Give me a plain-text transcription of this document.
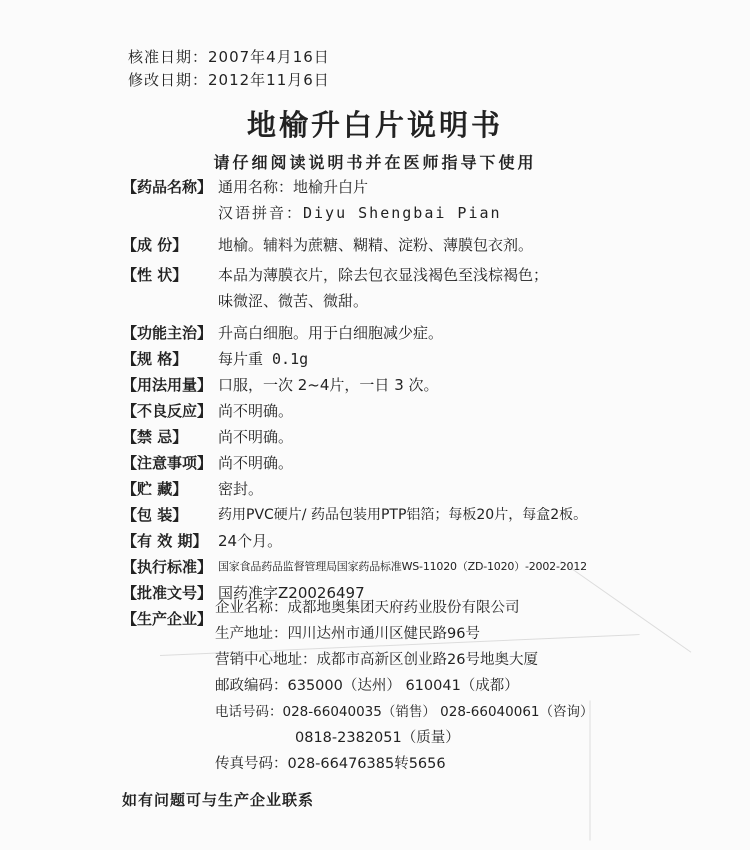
核准日期：2007年4月16日
修改日期：2012年11月6日
地榆升白片说明书
请仔细阅读说明书并在医师指导下使用
【药品名称】 通用名称：地榆升白片
汉语拼音：Diyu Shengbai Pian
【成 份】	地榆。辅料为蔗糖、糊精、淀粉、薄膜包衣剂。
【性 状】	本品为薄膜衣片，除去包衣显浅褐色至浅棕褐色；
味微涩、微苦、微甜。
【功能主治】 升高白细胞。用于白细胞减少症。
【规 格】	每片重 0.1g
【用法用量】 口服，一次 2~4片，一日 3 次。
【不良反应】 尚不明确。
【禁 忌】	尚不明确。
【注意事项】 尚不明确。
【贮 藏】	密封。
【包 装】	药用PVC硬片/ 药品包装用PTP铝箔；每板20片，每盒2板。
【有 效 期】 24个月。
【执行标准】 国家食品药品监督管理局国家药品标准WS-11020（ZD-1020）-2002-2012
【批准文号】 国药准字Z20026497
【生产企业】
企业名称：成都地奥集团天府药业股份有限公司
生产地址：四川达州市通川区健民路96号
营销中心地址：成都市高新区创业路26号地奥大厦
邮政编码：635000（达州） 610041（成都）
电话号码：028-66040035（销售） 028-66040061（咨询）
0818-2382051（质量）
传真号码：028-66476385转5656
如有问题可与生产企业联系
